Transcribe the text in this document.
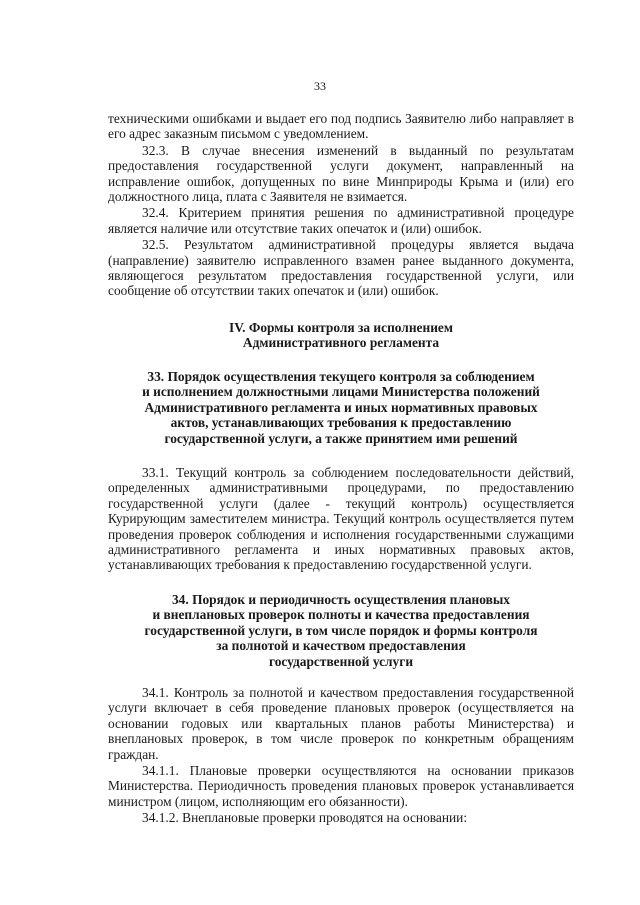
33

техническими ошибками и выдает его под подпись Заявителю либо направляет в его адрес заказным письмом с уведомлением.

32.3. В случае внесения изменений в выданный по результатам предоставления государственной услуги документ, направленный на исправление ошибок, допущенных по вине Минприроды Крыма и (или) его должностного лица, плата с Заявителя не взимается.

32.4. Критерием принятия решения по административной процедуре является наличие или отсутствие таких опечаток и (или) ошибок.

32.5. Результатом административной процедуры является выдача (направление) заявителю исправленного взамен ранее выданного документа, являющегося результатом предоставления государственной услуги, или сообщение об отсутствии таких опечаток и (или) ошибок.

IV. Формы контроля за исполнением

Административного регламента

33. Порядок осуществления текущего контроля за соблюдением

и исполнением должностными лицами Министерства положений

Административного регламента и иных нормативных правовых

актов, устанавливающих требования к предоставлению

государственной услуги, а также принятием ими решений

33.1. Текущий контроль за соблюдением последовательности действий, определенных административными процедурами, по предоставлению государственной услуги (далее - текущий контроль) осуществляется Курирующим заместителем министра. Текущий контроль осуществляется путем проведения проверок соблюдения и исполнения государственными служащими административного регламента и иных нормативных правовых актов, устанавливающих требования к предоставлению государственной услуги.

34. Порядок и периодичность осуществления плановых

и внеплановых проверок полноты и качества предоставления

государственной услуги, в том числе порядок и формы контроля

за полнотой и качеством предоставления

государственной услуги

34.1. Контроль за полнотой и качеством предоставления государственной услуги включает в себя проведение плановых проверок (осуществляется на основании годовых или квартальных планов работы Министерства) и внеплановых проверок, в том числе проверок по конкретным обращениям граждан.

34.1.1. Плановые проверки осуществляются на основании приказов Министерства. Периодичность проведения плановых проверок устанавливается министром (лицом, исполняющим его обязанности).

34.1.2. Внеплановые проверки проводятся на основании:
